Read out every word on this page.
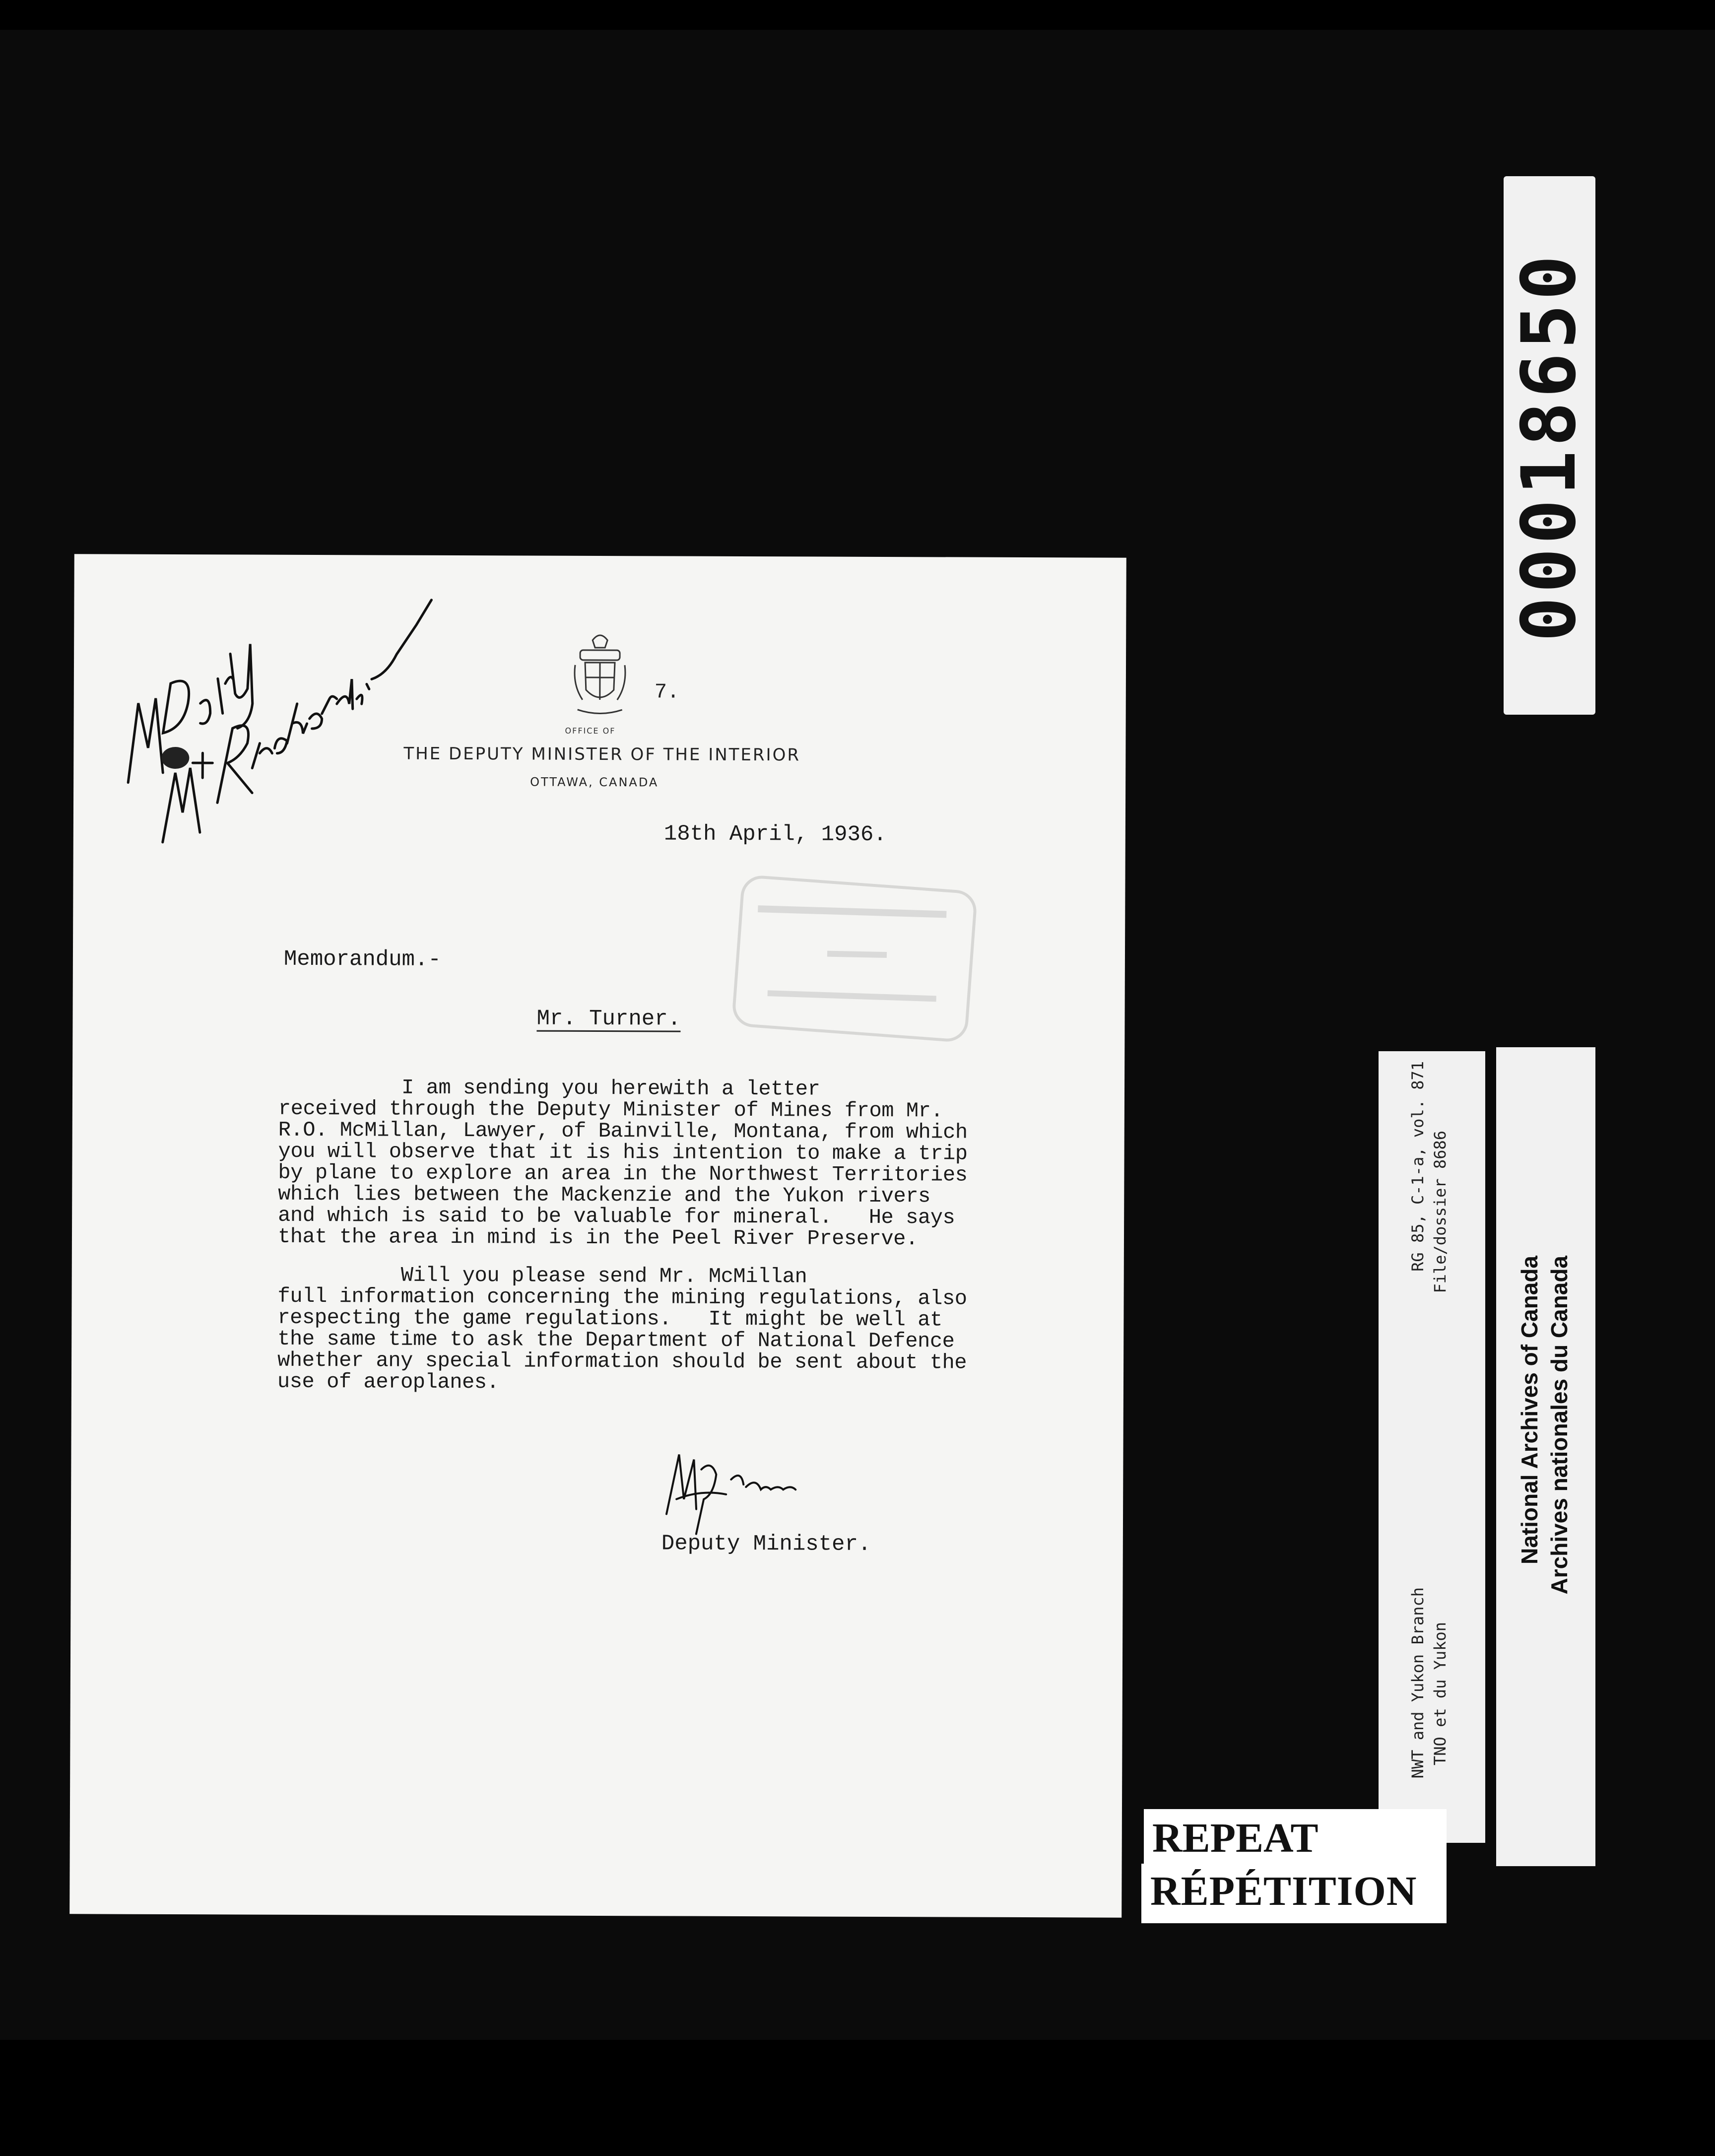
7.
OFFICE OF
THE DEPUTY MINISTER OF THE INTERIOR
OTTAWA, CANADA
18th April, 1936.
Memorandum.-
Mr. Turner.
I am sending you herewith a letter
received through the Deputy Minister of Mines from Mr.
R.O. McMillan, Lawyer, of Bainville, Montana, from which
you will observe that it is his intention to make a trip
by plane to explore an area in the Northwest Territories
which lies between the Mackenzie and the Yukon rivers
and which is said to be valuable for mineral.   He says
that the area in mind is in the Peel River Preserve.
Will you please send Mr. McMillan
full information concerning the mining regulations, also
respecting the game regulations.   It might be well at
the same time to ask the Department of National Defence
whether any special information should be sent about the
use of aeroplanes.
Deputy Minister.
00018650
RG 85, C-1-a, vol. 871 File/dossier 8686
NWT and Yukon Branch TNO et du Yukon
National Archives of Canada Archives nationales du Canada
REPEAT
RÉPÉTITION
